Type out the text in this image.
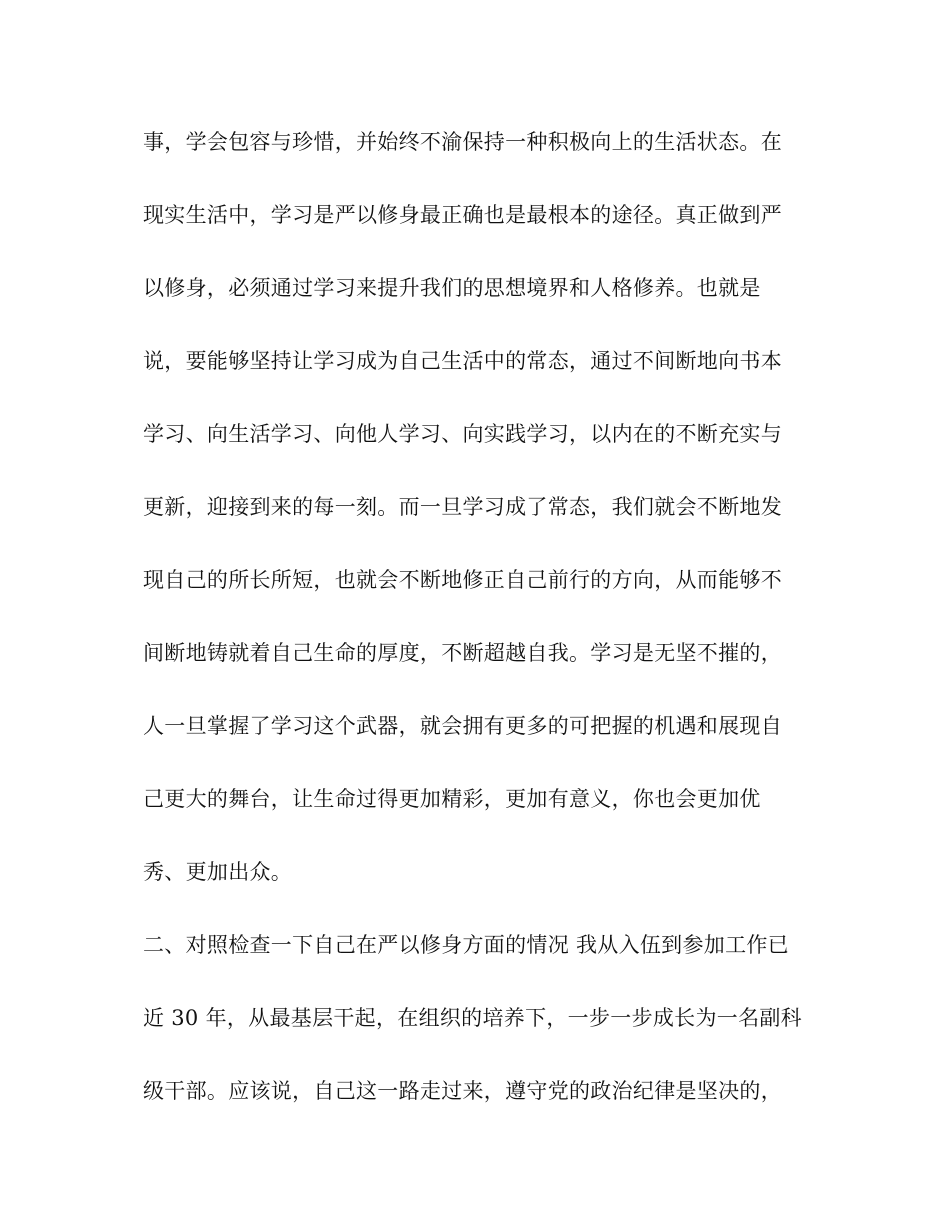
事，学会包容与珍惜，并始终不渝保持一种积极向上的生活状态。在
现实生活中，学习是严以修身最正确也是最根本的途径。真正做到严
以修身，必须通过学习来提升我们的思想境界和人格修养。也就是
说，要能够坚持让学习成为自己生活中的常态，通过不间断地向书本
学习、向生活学习、向他人学习、向实践学习，以内在的不断充实与
更新，迎接到来的每一刻。而一旦学习成了常态，我们就会不断地发
现自己的所长所短，也就会不断地修正自己前行的方向，从而能够不
间断地铸就着自己生命的厚度，不断超越自我。学习是无坚不摧的，
人一旦掌握了学习这个武器，就会拥有更多的可把握的机遇和展现自
己更大的舞台，让生命过得更加精彩，更加有意义，你也会更加优
秀、更加出众。
二、对照检查一下自己在严以修身方面的情况 我从入伍到参加工作已
近 30 年，从最基层干起，在组织的培养下，一步一步成长为一名副科
级干部。应该说，自己这一路走过来，遵守党的政治纪律是坚决的，
